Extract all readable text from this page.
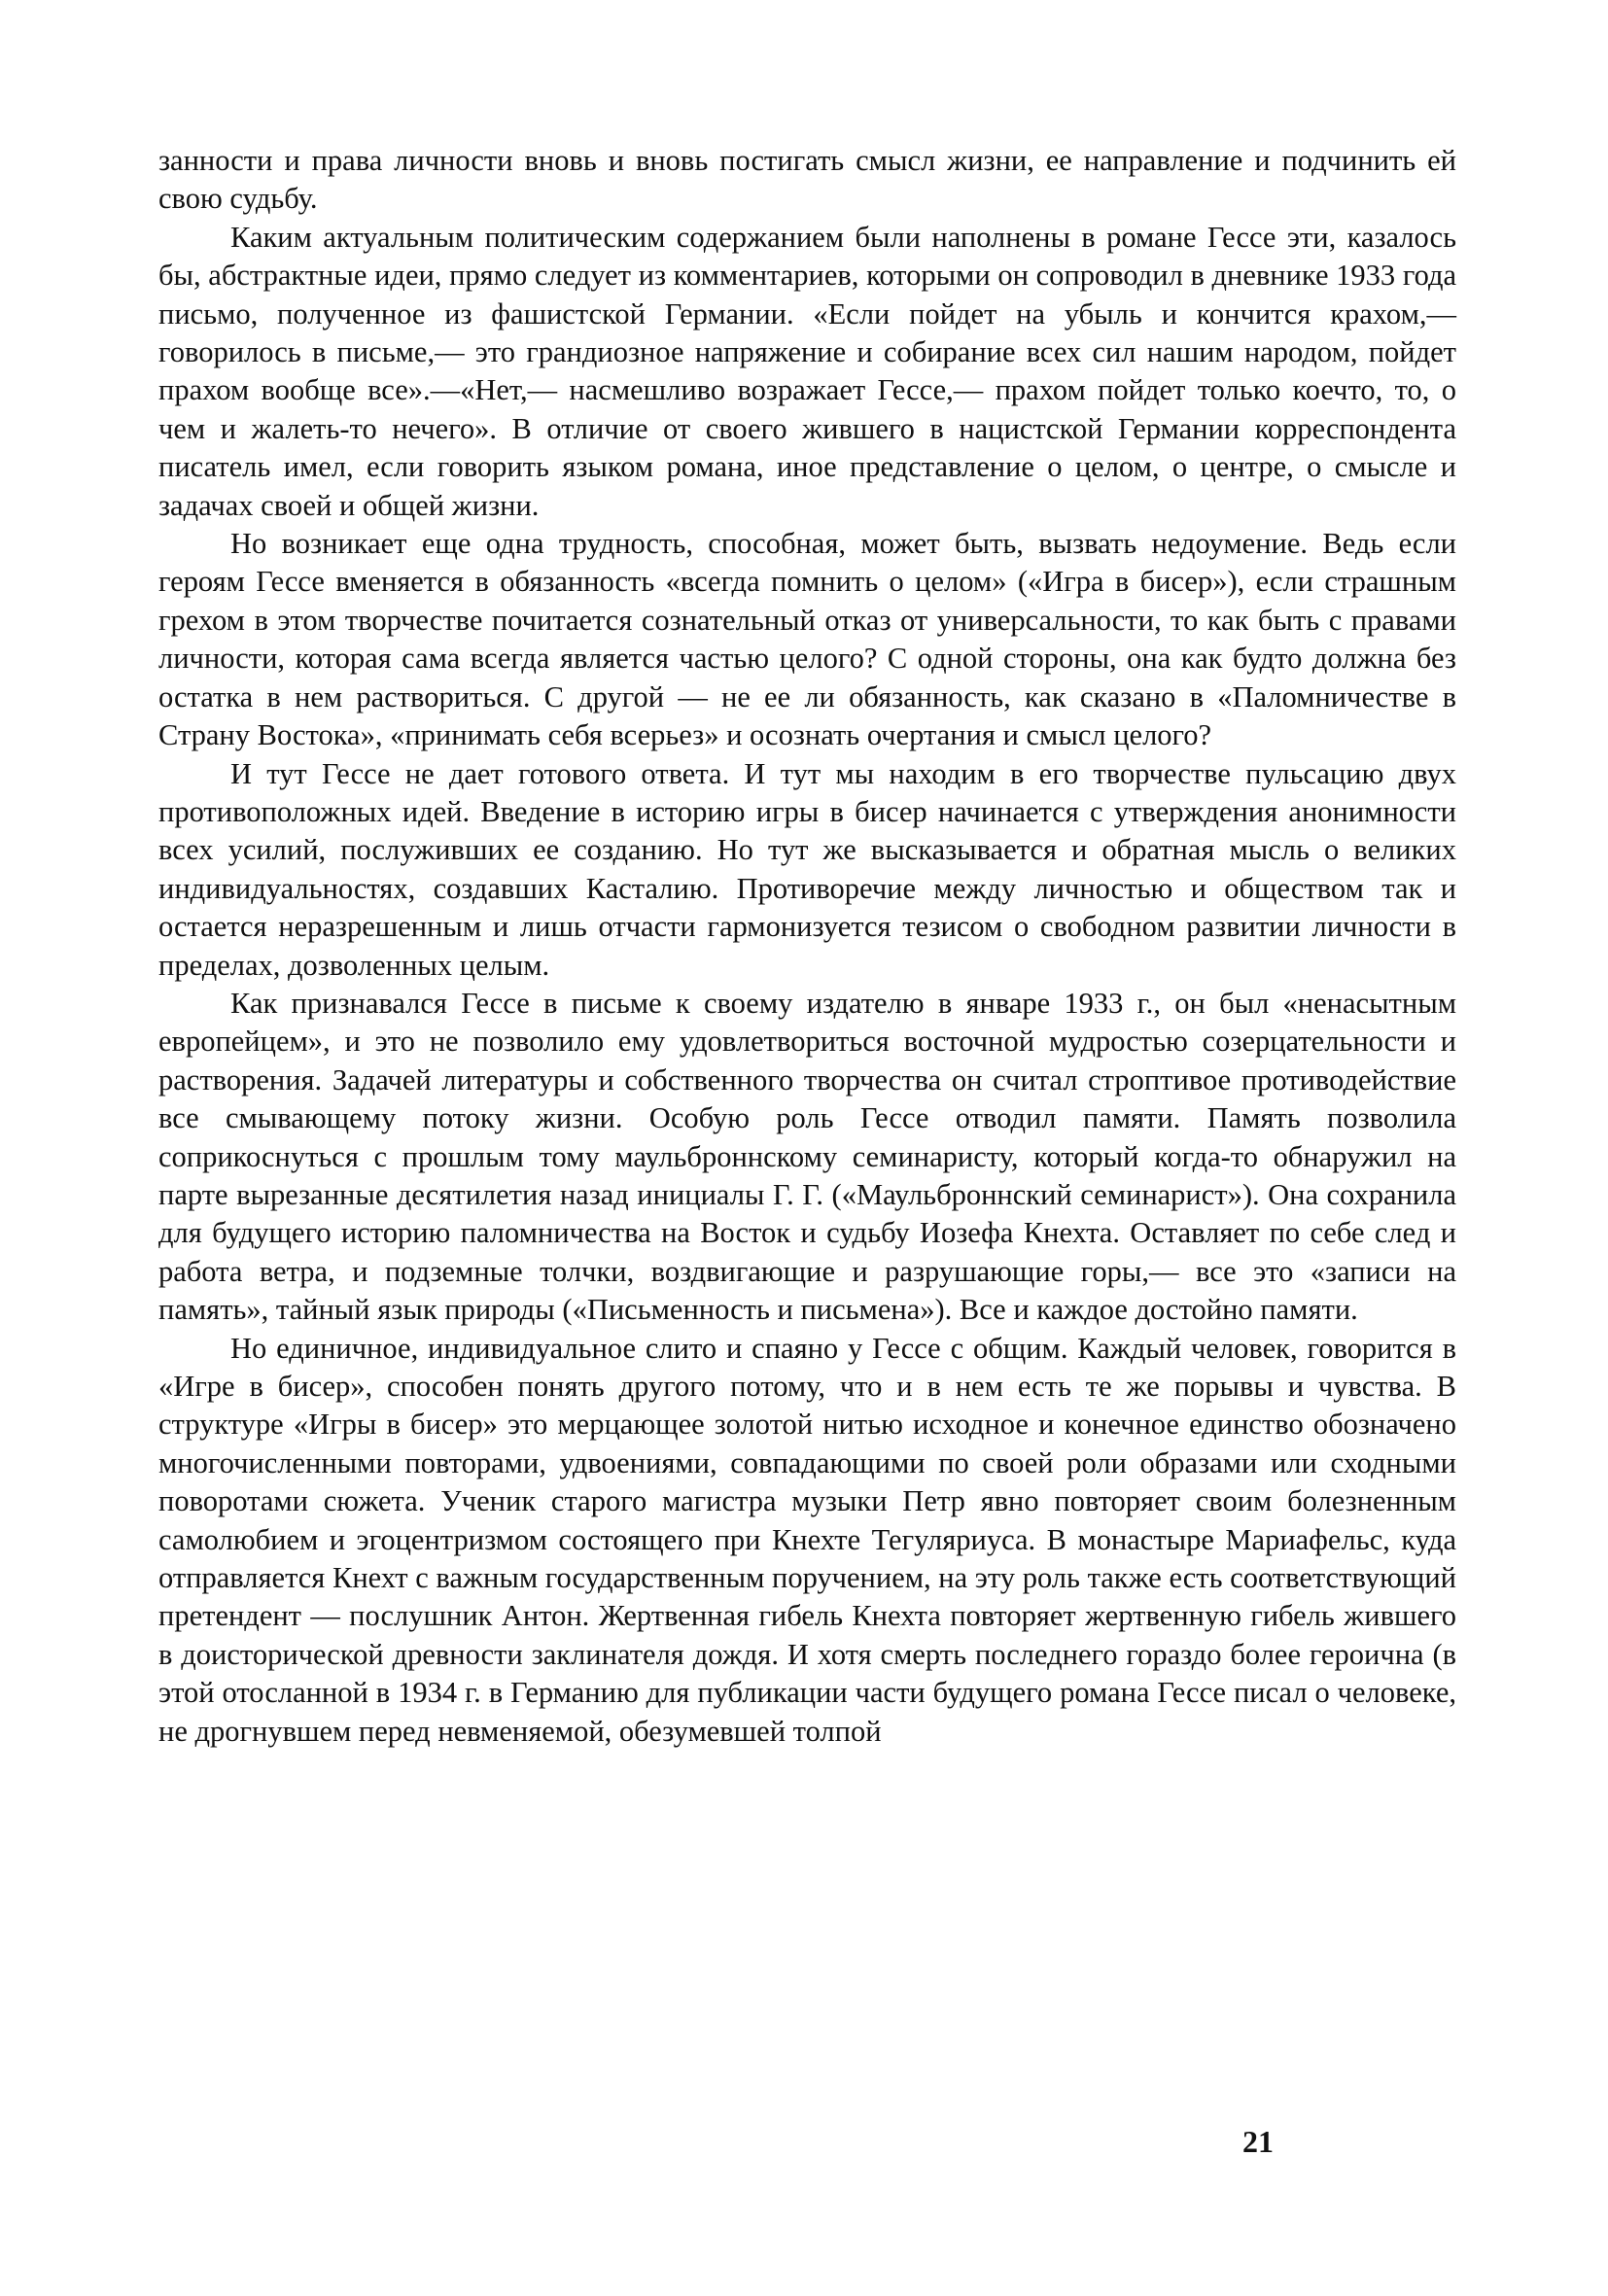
занности и права личности вновь и вновь постигать смысл жизни, ее направление и подчинить ей свою судьбу.

Каким актуальным политическим содержанием были наполнены в романе Гессе эти, казалось бы, абстрактные идеи, прямо следует из комментариев, которыми он сопроводил в дневнике 1933 года письмо, полученное из фашистской Германии. «Если пойдет на убыль и кончится крахом,— говорилось в письме,— это грандиозное напряжение и собирание всех сил нашим народом, пойдет прахом вообще все».—«Нет,— насмешливо возражает Гессе,— прахом пойдет только коечто, то, о чем и жалеть-то нечего». В отличие от своего жившего в нацистской Германии корреспондента писатель имел, если говорить языком романа, иное представление о целом, о центре, о смысле и задачах своей и общей жизни.

Но возникает еще одна трудность, способная, может быть, вызвать недоумение. Ведь если героям Гессе вменяется в обязанность «всегда помнить о целом» («Игра в бисер»), если страшным грехом в этом творчестве почитается сознательный отказ от универсальности, то как быть с правами личности, которая сама всегда является частью целого? С одной стороны, она как будто должна без остатка в нем раствориться. С другой — не ее ли обязанность, как сказано в «Паломничестве в Страну Востока», «принимать себя всерьез» и осознать очертания и смысл целого?

И тут Гессе не дает готового ответа. И тут мы находим в его творчестве пульсацию двух противоположных идей. Введение в историю игры в бисер начинается с утверждения анонимности всех усилий, послуживших ее созданию. Но тут же высказывается и обратная мысль о великих индивидуальностях, создавших Касталию. Противоречие между личностью и обществом так и остается неразрешенным и лишь отчасти гармонизуется тезисом о свободном развитии личности в пределах, дозволенных целым.

Как признавался Гессе в письме к своему издателю в январе 1933 г., он был «ненасытным европейцем», и это не позволило ему удовлетвориться восточной мудростью созерцательности и растворения. Задачей литературы и собственного творчества он считал строптивое противодействие все смывающему потоку жизни. Особую роль Гессе отводил памяти. Память позволила соприкоснуться с прошлым тому маульброннскому семинаристу, который когда-то обнаружил на парте вырезанные десятилетия назад инициалы Г. Г. («Маульброннский семинарист»). Она сохранила для будущего историю паломничества на Восток и судьбу Иозефа Кнехта. Оставляет по себе след и работа ветра, и подземные толчки, воздвигающие и разрушающие горы,— все это «записи на память», тайный язык природы («Письменность и письмена»). Все и каждое достойно памяти.

Но единичное, индивидуальное слито и спаяно у Гессе с общим. Каждый человек, говорится в «Игре в бисер», способен понять другого потому, что и в нем есть те же порывы и чувства. В структуре «Игры в бисер» это мерцающее золотой нитью исходное и конечное единство обозначено многочисленными повторами, удвоениями, совпадающими по своей роли образами или сходными поворотами сюжета. Ученик старого магистра музыки Петр явно повторяет своим болезненным самолюбием и эгоцентризмом состоящего при Кнехте Тегуляриуса. В монастыре Мариафельс, куда отправляется Кнехт с важным государственным поручением, на эту роль также есть соответствующий претендент — послушник Антон. Жертвенная гибель Кнехта повторяет жертвенную гибель жившего в доисторической древности заклинателя дождя. И хотя смерть последнего гораздо более героична (в этой отосланной в 1934 г. в Германию для публикации части будущего романа Гессе писал о человеке, не дрогнувшем перед невменяемой, обезумевшей толпой

21
